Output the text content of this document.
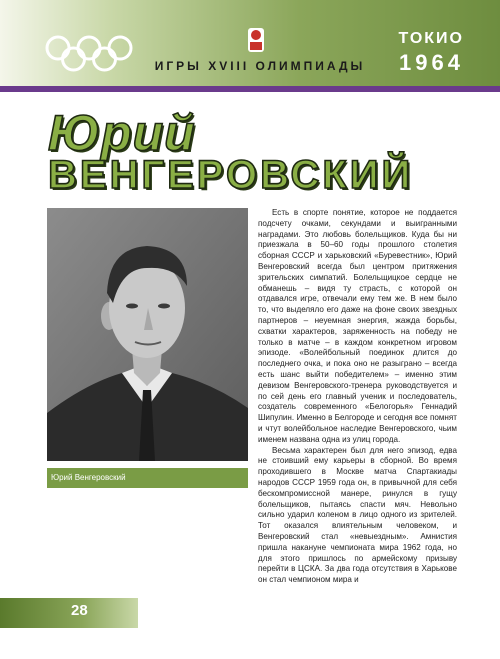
ИГРЫ XVIII ОЛИМПИАДЫ
ТОКИО
1964
Юрий
ВЕНГЕРОВСКИЙ
Юрий Венгеровский

Есть в спорте понятие, которое не поддается подсчету очками, секундами и выигранными наградами. Это любовь болельщиков. Куда бы ни приезжала в 50–60 годы прошлого столетия сборная СССР и харьковский «Буревестник», Юрий Венгеровский всегда был центром притяжения зрительских симпатий. Болельщицкое сердце не обманешь – видя ту страсть, с которой он отдавался игре, отвечали ему тем же. В нем было то, что выделяло его даже на фоне своих звездных партнеров – неуемная энергия, жажда борьбы, схватки характеров, заряженность на победу не только в матче – в каждом конкретном игровом эпизоде. «Волейбольный поединок длится до последнего очка, и пока оно не разыграно – всегда есть шанс выйти победителем» – именно этим девизом Венгеровского-тренера руководствуется и по сей день его главный ученик и последователь, создатель современного «Белогорья» Геннадий Шипулин. Именно в Белгороде и сегодня все помнят и чтут волейбольное наследие Венгеровского, чьим именем названа одна из улиц города.

Весьма характерен был для него эпизод, едва не стоивший ему карьеры в сборной. Во время проходившего в Москве матча Спартакиады народов СССР 1959 года он, в привычной для себя бескомпромиссной манере, ринулся в гущу болельщиков, пытаясь спасти мяч. Невольно сильно ударил коленом в лицо одного из зрителей. Тот оказался влиятельным человеком, и Венгеровский стал «невыездным». Амнистия пришла накануне чемпионата мира 1962 года, но для этого пришлось по армейскому призыву перейти в ЦСКА. За два года отсутствия в Харькове он стал чемпионом мира и

28
